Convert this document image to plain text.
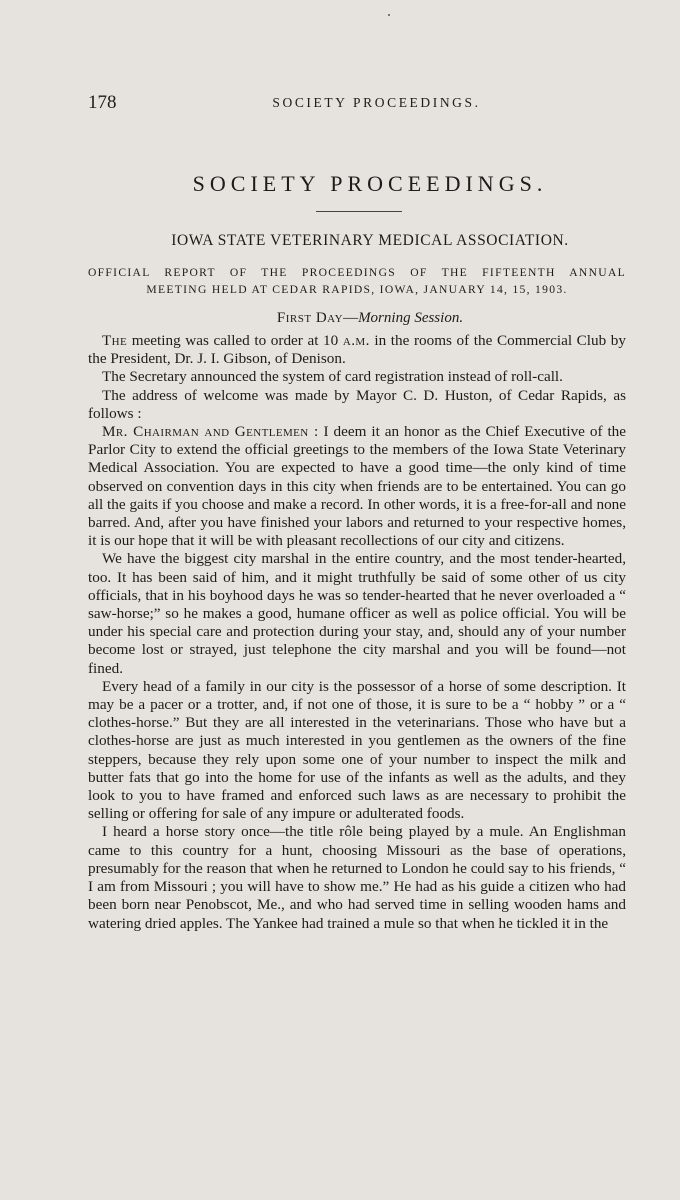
178	SOCIETY PROCEEDINGS.
SOCIETY PROCEEDINGS.
IOWA STATE VETERINARY MEDICAL ASSOCIATION.
OFFICIAL REPORT OF THE PROCEEDINGS OF THE FIFTEENTH ANNUAL
MEETING HELD AT CEDAR RAPIDS, IOWA, JANUARY 14, 15, 1903.
First Day—Morning Session.

The meeting was called to order at 10 a.m. in the rooms of the Commercial Club by the President, Dr. J. I. Gibson, of Denison.

The Secretary announced the system of card registration instead of roll-call.

The address of welcome was made by Mayor C. D. Huston, of Cedar Rapids, as follows :

Mr. Chairman and Gentlemen : I deem it an honor as the Chief Executive of the Parlor City to extend the official greetings to the members of the Iowa State Veterinary Medical Association. You are expected to have a good time—the only kind of time observed on convention days in this city when friends are to be entertained. You can go all the gaits if you choose and make a record. In other words, it is a free-for-all and none barred. And, after you have finished your labors and returned to your respective homes, it is our hope that it will be with pleasant recollections of our city and citizens.

We have the biggest city marshal in the entire country, and the most tender-hearted, too. It has been said of him, and it might truthfully be said of some other of us city officials, that in his boyhood days he was so tender-hearted that he never overloaded a “ saw-horse;” so he makes a good, humane officer as well as police official. You will be under his special care and protection during your stay, and, should any of your number become lost or strayed, just telephone the city marshal and you will be found—not fined.

Every head of a family in our city is the possessor of a horse of some description. It may be a pacer or a trotter, and, if not one of those, it is sure to be a “ hobby ” or a “ clothes-horse.” But they are all interested in the veterinarians. Those who have but a clothes-horse are just as much interested in you gentlemen as the owners of the fine steppers, because they rely upon some one of your number to inspect the milk and butter fats that go into the home for use of the infants as well as the adults, and they look to you to have framed and enforced such laws as are necessary to prohibit the selling or offering for sale of any impure or adulterated foods.

I heard a horse story once—the title rôle being played by a mule. An Englishman came to this country for a hunt, choosing Missouri as the base of operations, presumably for the reason that when he returned to London he could say to his friends, “ I am from Missouri ; you will have to show me.” He had as his guide a citizen who had been born near Penobscot, Me., and who had served time in selling wooden hams and watering dried apples. The Yankee had trained a mule so that when he tickled it in the
